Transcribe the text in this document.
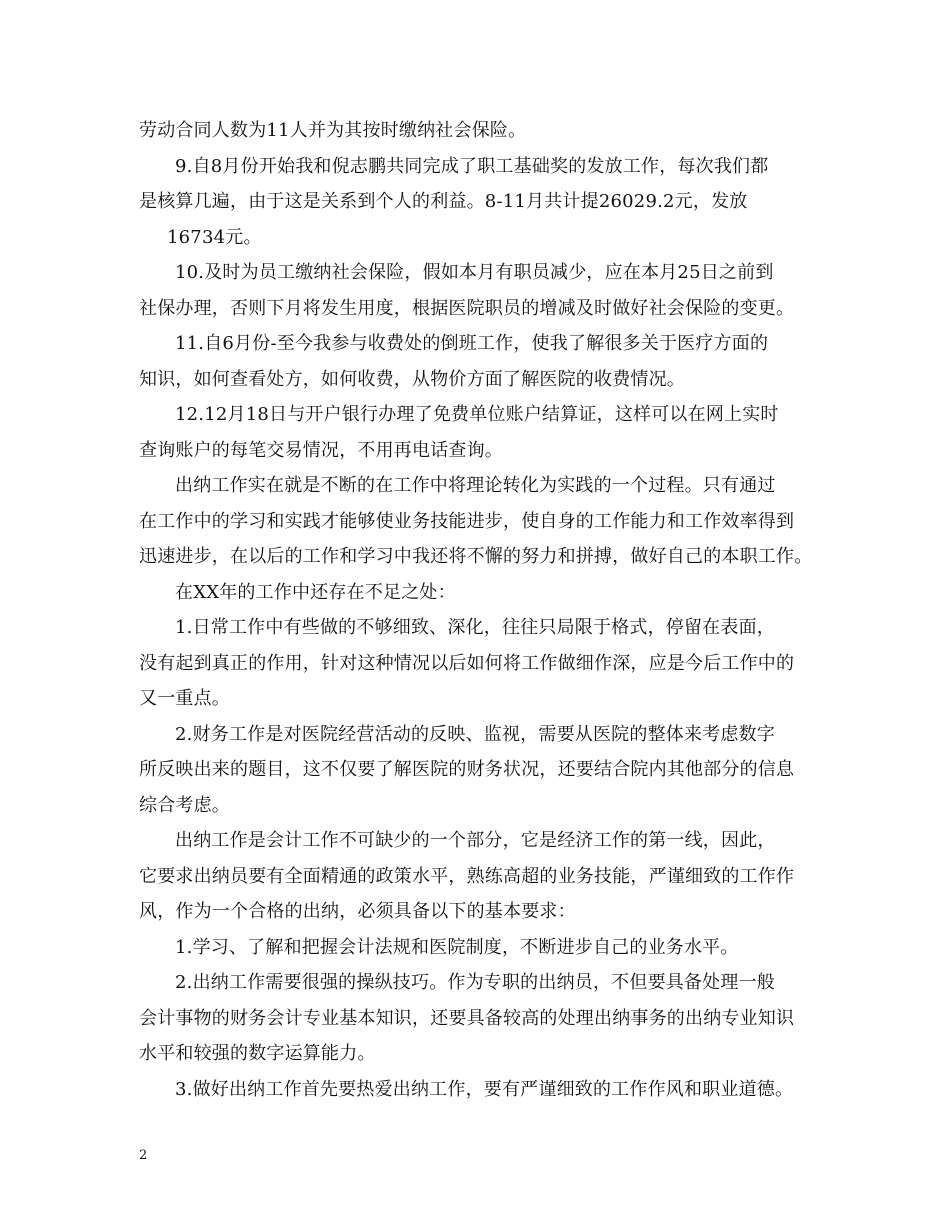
劳动合同人数为11人并为其按时缴纳社会保险。
9.自8月份开始我和倪志鹏共同完成了职工基础奖的发放工作，每次我们都
是核算几遍，由于这是关系到个人的利益。8-11月共计提26029.2元，发放
16734元。
10.及时为员工缴纳社会保险，假如本月有职员减少，应在本月25日之前到
社保办理，否则下月将发生用度，根据医院职员的增减及时做好社会保险的变更。
11.自6月份-至今我参与收费处的倒班工作，使我了解很多关于医疗方面的
知识，如何查看处方，如何收费，从物价方面了解医院的收费情况。
12.12月18日与开户银行办理了免费单位账户结算证，这样可以在网上实时
查询账户的每笔交易情况，不用再电话查询。
出纳工作实在就是不断的在工作中将理论转化为实践的一个过程。只有通过
在工作中的学习和实践才能够使业务技能进步，使自身的工作能力和工作效率得到
迅速进步，在以后的工作和学习中我还将不懈的努力和拼搏，做好自己的本职工作。
在XX年的工作中还存在不足之处：
1.日常工作中有些做的不够细致、深化，往往只局限于格式，停留在表面，
没有起到真正的作用，针对这种情况以后如何将工作做细作深，应是今后工作中的
又一重点。
2.财务工作是对医院经营活动的反映、监视，需要从医院的整体来考虑数字
所反映出来的题目，这不仅要了解医院的财务状况，还要结合院内其他部分的信息
综合考虑。
出纳工作是会计工作不可缺少的一个部分，它是经济工作的第一线，因此，
它要求出纳员要有全面精通的政策水平，熟练高超的业务技能，严谨细致的工作作
风，作为一个合格的出纳，必须具备以下的基本要求：
1.学习、了解和把握会计法规和医院制度，不断进步自己的业务水平。
2.出纳工作需要很强的操纵技巧。作为专职的出纳员，不但要具备处理一般
会计事物的财务会计专业基本知识，还要具备较高的处理出纳事务的出纳专业知识
水平和较强的数字运算能力。
3.做好出纳工作首先要热爱出纳工作，要有严谨细致的工作作风和职业道德。
2
